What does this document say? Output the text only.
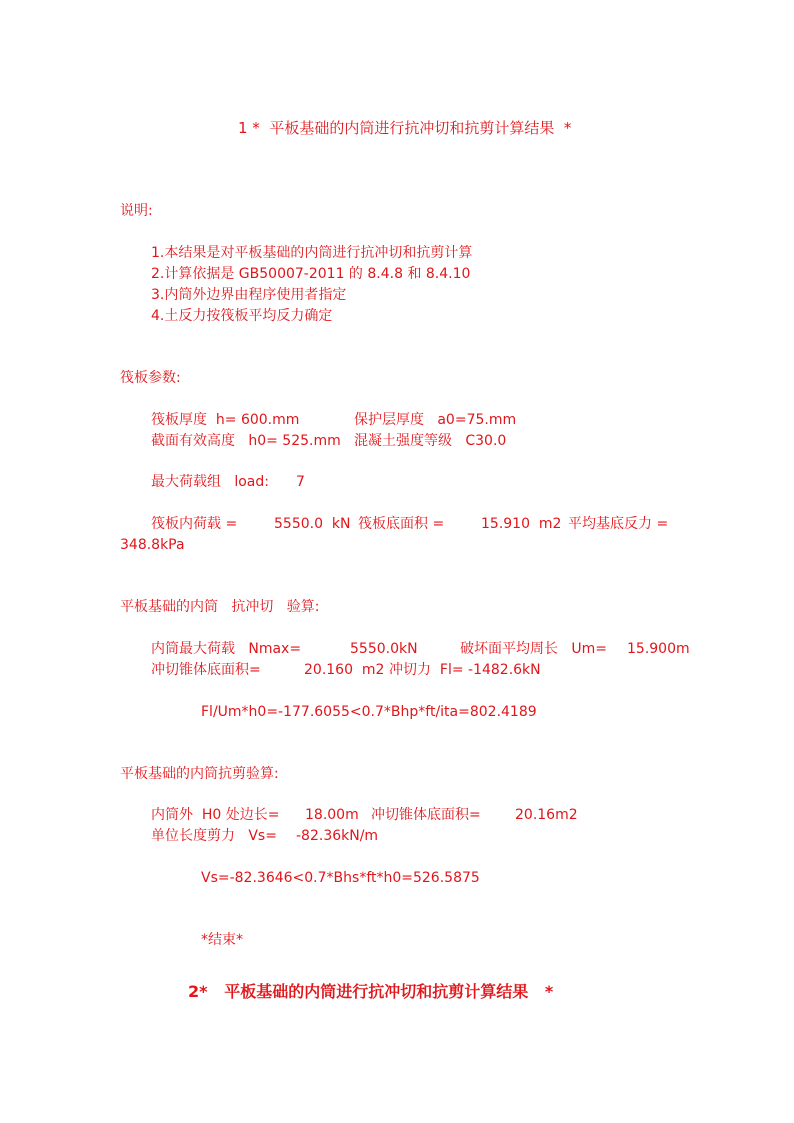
1 *  平板基础的内筒进行抗冲切和抗剪计算结果  *
说明:
1.本结果是对平板基础的内筒进行抗冲切和抗剪计算
2.计算依据是 GB50007-2011 的 8.4.8 和 8.4.10
3.内筒外边界由程序使用者指定
4.土反力按筏板平均反力确定
筏板参数:
筏板厚度  h= 600.mm	保护层厚度   a0=75.mm
截面有效高度   h0= 525.mm 混凝土强度等级   C30.0
最大荷载组   load: 7
筏板内荷载 =	5550.0  kN 筏板底面积 =	15.910  m2 平均基底反力 =
348.8kPa
平板基础的内筒   抗冲切   验算:
内筒最大荷载   Nmax=	5550.0kN	破坏面平均周长   Um= 15.900m
冲切锥体底面积=	20.160  m2 冲切力  Fl= -1482.6kN
Fl/Um*h0=-177.6055<0.7*Bhp*ft/ita=802.4189
平板基础的内筒抗剪验算:
内筒外  H0 处边长= 18.00m 冲切锥体底面积= 20.16m2
单位长度剪力   Vs= -82.36kN/m
Vs=-82.3646<0.7*Bhs*ft*h0=526.5875
*结束*
2*   平板基础的内筒进行抗冲切和抗剪计算结果   *
